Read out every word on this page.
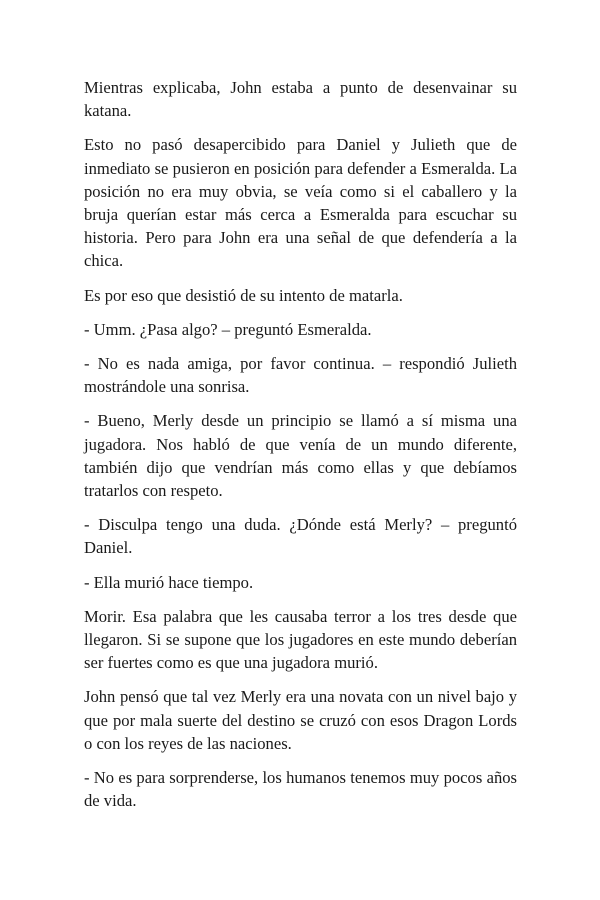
Mientras explicaba, John estaba a punto de desenvainar su katana.

Esto no pasó desapercibido para Daniel y Julieth que de inmediato se pusieron en posición para defender a Esmeralda. La posición no era muy obvia, se veía como si el caballero y la bruja querían estar más cerca a Esmeralda para escuchar su historia. Pero para John era una señal de que defendería a la chica.

Es por eso que desistió de su intento de matarla.

- Umm. ¿Pasa algo? – preguntó Esmeralda.

- No es nada amiga, por favor continua. – respondió Julieth mostrándole una sonrisa.

- Bueno, Merly desde un principio se llamó a sí misma una jugadora. Nos habló de que venía de un mundo diferente, también dijo que vendrían más como ellas y que debíamos tratarlos con respeto.

- Disculpa tengo una duda. ¿Dónde está Merly? – preguntó Daniel.

- Ella murió hace tiempo.

Morir. Esa palabra que les causaba terror a los tres desde que llegaron. Si se supone que los jugadores en este mundo deberían ser fuertes como es que una jugadora murió.

John pensó que tal vez Merly era una novata con un nivel bajo y que por mala suerte del destino se cruzó con esos Dragon Lords o con los reyes de las naciones.

- No es para sorprenderse, los humanos tenemos muy pocos años de vida.
